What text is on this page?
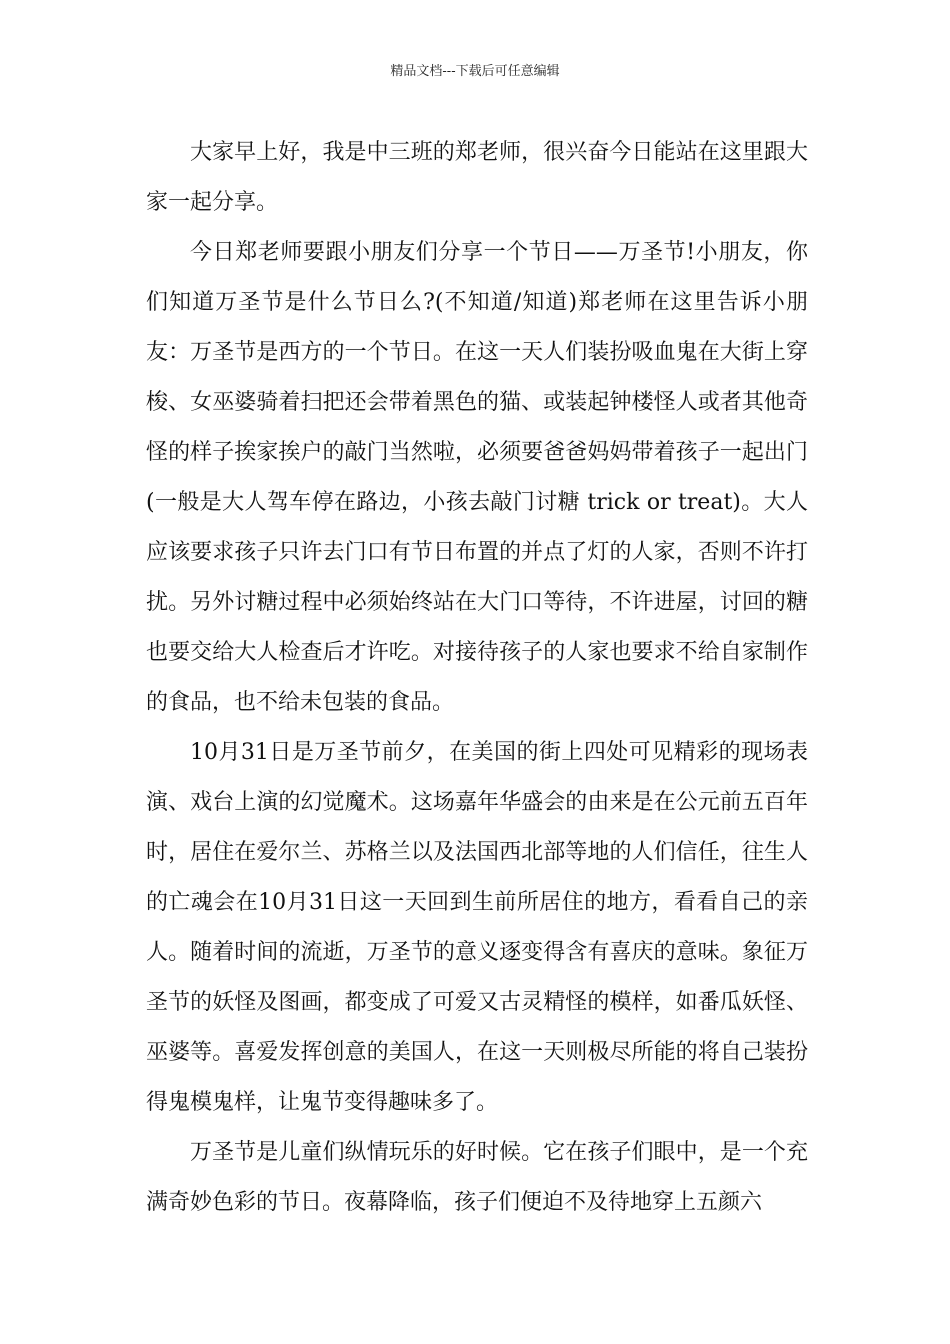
精品文档---下载后可任意编辑

大家早上好，我是中三班的郑老师，很兴奋今日能站在这里跟大家一起分享。

今日郑老师要跟小朋友们分享一个节日——万圣节!小朋友，你们知道万圣节是什么节日么?(不知道/知道)郑老师在这里告诉小朋友：万圣节是西方的一个节日。在这一天人们装扮吸血鬼在大街上穿梭、女巫婆骑着扫把还会带着黑色的猫、或装起钟楼怪人或者其他奇怪的样子挨家挨户的敲门当然啦，必须要爸爸妈妈带着孩子一起出门(一般是大人驾车停在路边，小孩去敲门讨糖 trick or treat)。大人应该要求孩子只许去门口有节日布置的并点了灯的人家，否则不许打扰。另外讨糖过程中必须始终站在大门口等待，不许进屋，讨回的糖也要交给大人检查后才许吃。对接待孩子的人家也要求不给自家制作的食品，也不给未包装的食品。

10月31日是万圣节前夕，在美国的街上四处可见精彩的现场表演、戏台上演的幻觉魔术。这场嘉年华盛会的由来是在公元前五百年时，居住在爱尔兰、苏格兰以及法国西北部等地的人们信任，往生人的亡魂会在10月31日这一天回到生前所居住的地方，看看自己的亲人。随着时间的流逝，万圣节的意义逐变得含有喜庆的意味。象征万圣节的妖怪及图画，都变成了可爱又古灵精怪的模样，如番瓜妖怪、巫婆等。喜爱发挥创意的美国人，在这一天则极尽所能的将自己装扮得鬼模鬼样，让鬼节变得趣味多了。

万圣节是儿童们纵情玩乐的好时候。它在孩子们眼中，是一个充满奇妙色彩的节日。夜幕降临，孩子们便迫不及待地穿上五颜六
